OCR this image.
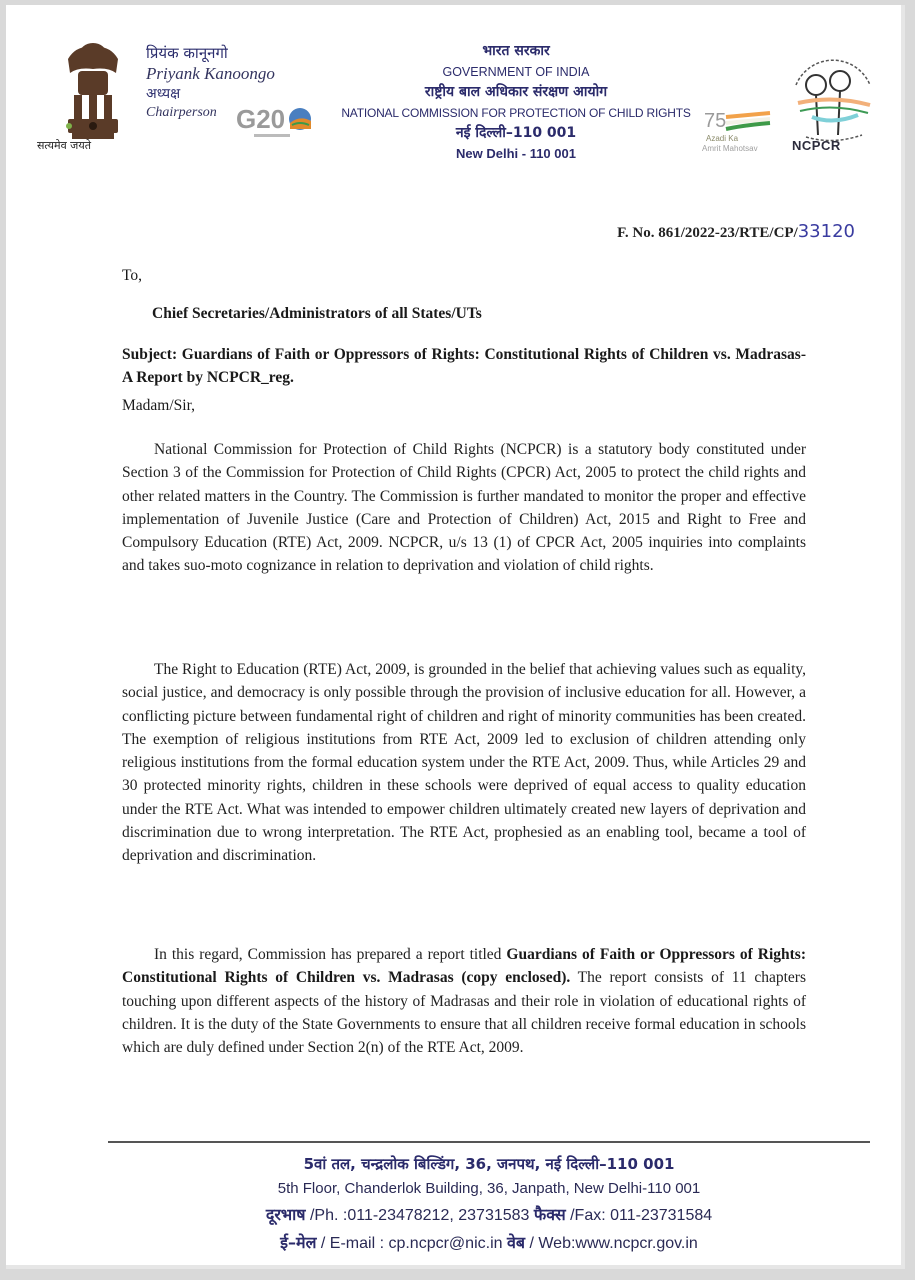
सत्यमेव जयते
प्रियंक कानूनगो
Priyank Kanoongo
अध्यक्ष
Chairperson G20
भारत सरकार
GOVERNMENT OF INDIA
राष्ट्रीय बाल अधिकार संरक्षण आयोग
NATIONAL COMMISSION FOR PROTECTION OF CHILD RIGHTS
नई दिल्ली–110 001
New Delhi - 110 001
75
Azadi Ka
Amrit Mahotsav	NCPCR
F. No. 861/2022-23/RTE/CP/33120
To,
Chief Secretaries/Administrators of all States/UTs
Subject: Guardians of Faith or Oppressors of Rights: Constitutional Rights of Children vs. Madrasas- A Report by NCPCR_reg.
Madam/Sir,
National Commission for Protection of Child Rights (NCPCR) is a statutory body constituted under Section 3 of the Commission for Protection of Child Rights (CPCR) Act, 2005 to protect the child rights and other related matters in the Country. The Commission is further mandated to monitor the proper and effective implementation of Juvenile Justice (Care and Protection of Children) Act, 2015 and Right to Free and Compulsory Education (RTE) Act, 2009. NCPCR, u/s 13 (1) of CPCR Act, 2005 inquiries into complaints and takes suo-moto cognizance in relation to deprivation and violation of child rights.
The Right to Education (RTE) Act, 2009, is grounded in the belief that achieving values such as equality, social justice, and democracy is only possible through the provision of inclusive education for all. However, a conflicting picture between fundamental right of children and right of minority communities has been created. The exemption of religious institutions from RTE Act, 2009 led to exclusion of children attending only religious institutions from the formal education system under the RTE Act, 2009. Thus, while Articles 29 and 30 protected minority rights, children in these schools were deprived of equal access to quality education under the RTE Act. What was intended to empower children ultimately created new layers of deprivation and discrimination due to wrong interpretation. The RTE Act, prophesied as an enabling tool, became a tool of deprivation and discrimination.
In this regard, Commission has prepared a report titled Guardians of Faith or Oppressors of Rights: Constitutional Rights of Children vs. Madrasas (copy enclosed). The report consists of 11 chapters touching upon different aspects of the history of Madrasas and their role in violation of educational rights of children. It is the duty of the State Governments to ensure that all children receive formal education in schools which are duly defined under Section 2(n) of the RTE Act, 2009.
5वां तल, चन्द्रलोक बिल्डिंग, 36, जनपथ, नई दिल्ली–110 001
5th Floor, Chanderlok Building, 36, Janpath, New Delhi-110 001
दूरभाष /Ph. :011-23478212, 23731583 फैक्स /Fax: 011-23731584
ई–मेल / E-mail : cp.ncpcr@nic.in वेब / Web:www.ncpcr.gov.in
